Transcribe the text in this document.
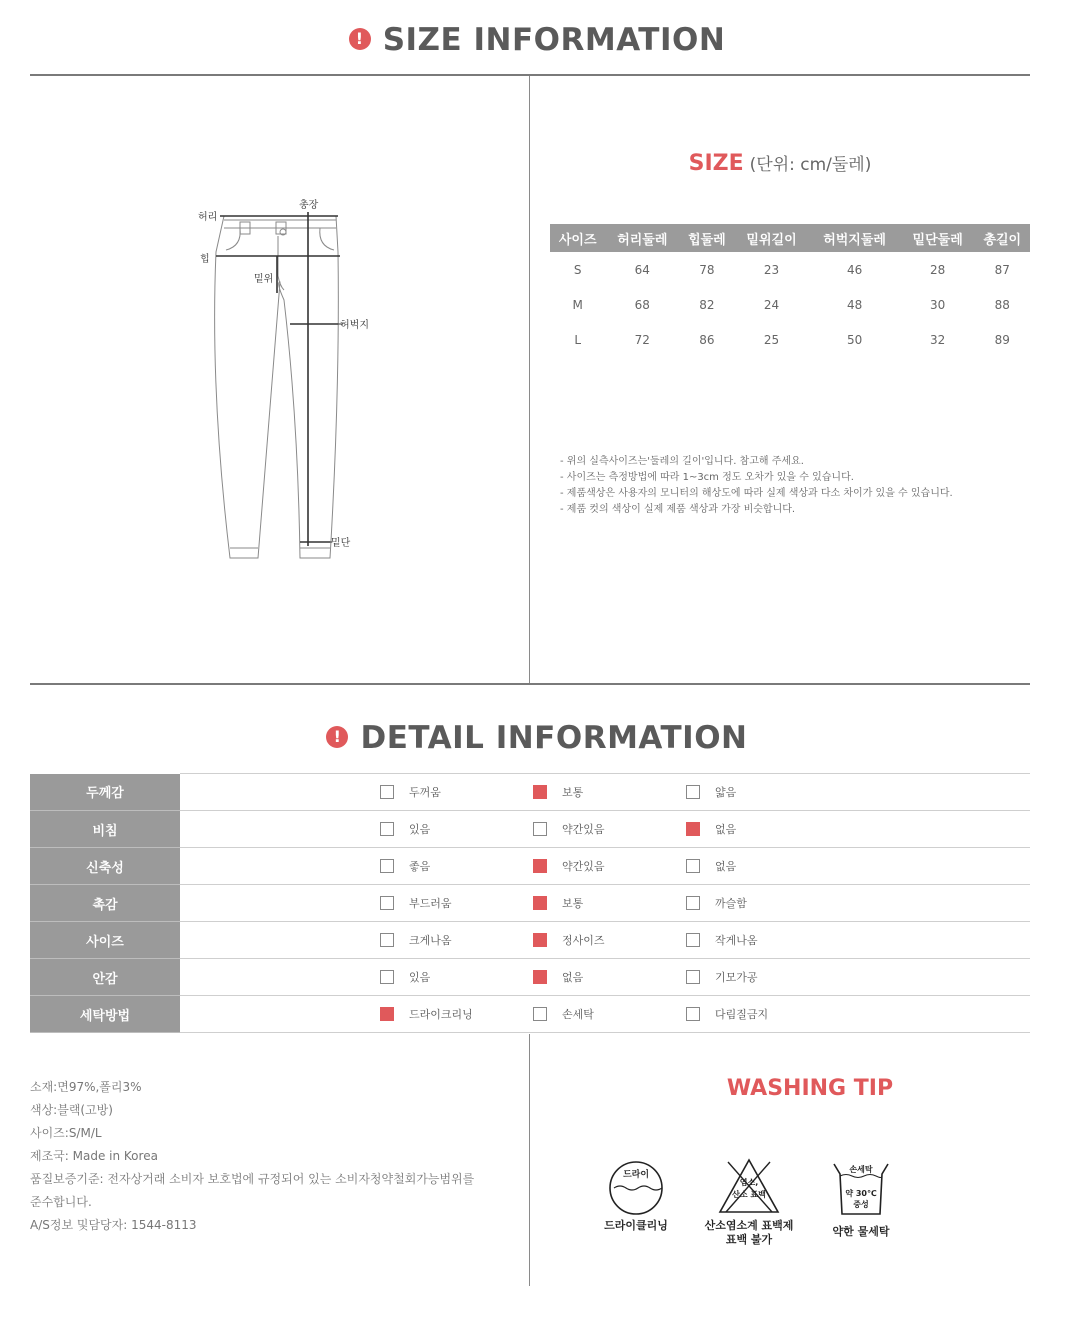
! SIZE INFORMATION
허리
총장
힙
밑위
허벅지
밑단
SIZE (단위: cm/둘레)
사이즈	허리둘레	힙둘레	밑위길이	허벅지둘레	밑단둘레	총길이
S	64	78	23	46	28	87
M	68	82	24	48	30	88
L	72	86	25	50	32	89
- 위의 실측사이즈는'둘레의 길이'입니다. 참고해 주세요.
- 사이즈는 측정방법에 따라 1~3cm 정도 오차가 있을 수 있습니다.
- 제품색상은 사용자의 모니터의 해상도에 따라 실제 색상과 다소 차이가 있을 수 있습니다.
- 제품 컷의 색상이 실제 제품 색상과 가장 비슷합니다.
! DETAIL INFORMATION
두께감	두꺼움 보통 얇음

비침	있음 약간있음 없음

신축성	좋음 약간있음 없음

촉감	부드러움 보통 까슬함

사이즈	크게나옴 정사이즈 작게나옴

안감	있음 없음 기모가공

세탁방법	드라이크리닝 손세탁 다림질금지
소재:면97%,폴리3%
색상:블랙(고방)
사이즈:S/M/L
제조국: Made in Korea
품질보증기준: 전자상거래 소비자 보호법에 규정되어 있는 소비자청약철회가능범위를
준수합니다.
A/S정보 및담당자: 1544-8113
WASHING TIP
드라이
드라이클리닝
염소,
산소 표백
산소염소계 표백제
표백 불가
손세탁
약 30℃
중성
약한 물세탁
